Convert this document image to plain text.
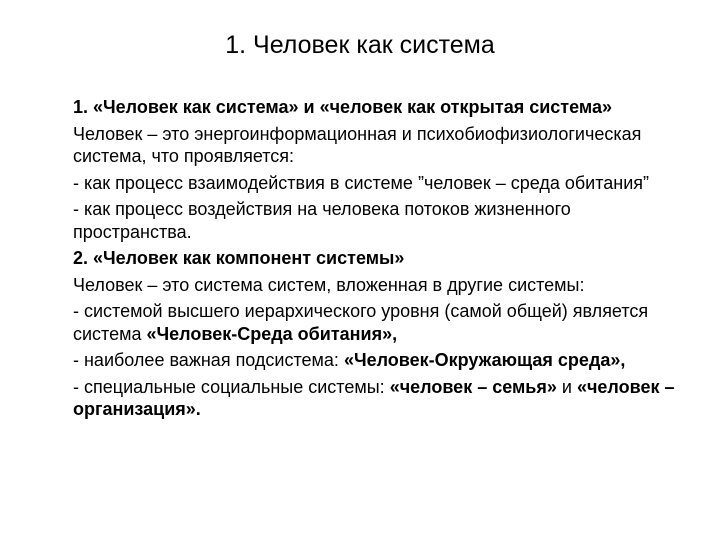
1. Человек как система

1. «Человек как система» и «человек как открытая система»

Человек – это энергоинформационная и психобиофизиологическая система, что проявляется:

- как процесс взаимодействия в системе ”человек – среда обитания”

- как процесс воздействия на человека потоков жизненного пространства.

2. «Человек как компонент системы»

Человек – это система систем, вложенная в другие системы:

- системой высшего иерархического уровня (самой общей) является система «Человек-Среда обитания»,

- наиболее важная подсистема: «Человек-Окружающая среда»,

- специальные социальные системы: «человек – семья» и «человек – организация».
